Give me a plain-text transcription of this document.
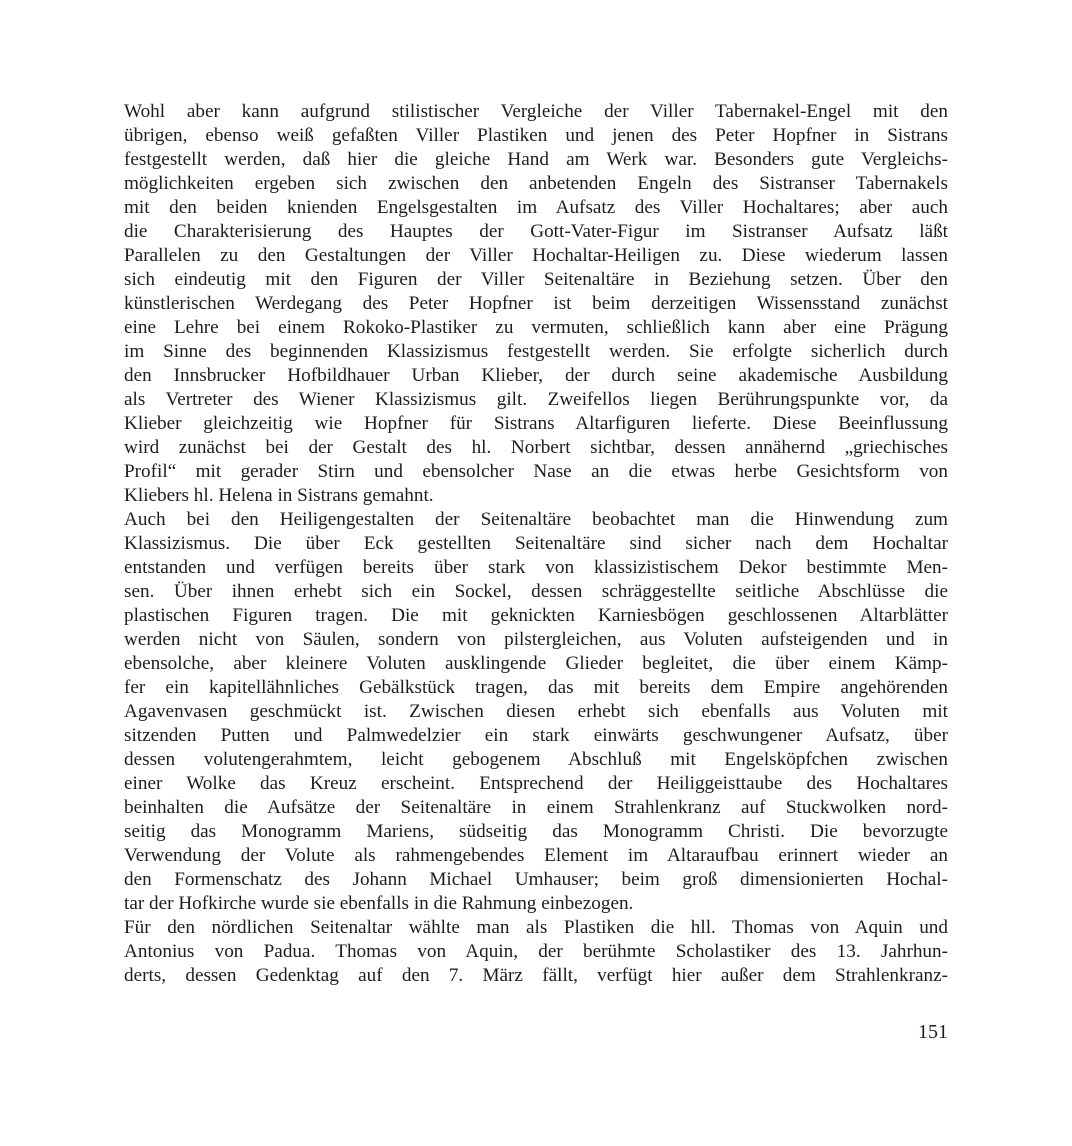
Wohl aber kann aufgrund stilistischer Vergleiche der Viller Tabernakel-Engel mit den
übrigen, ebenso weiß gefaßten Viller Plastiken und jenen des Peter Hopfner in Sistrans
festgestellt werden, daß hier die gleiche Hand am Werk war. Besonders gute Vergleichs-
möglichkeiten ergeben sich zwischen den anbetenden Engeln des Sistranser Tabernakels
mit den beiden knienden Engelsgestalten im Aufsatz des Viller Hochaltares; aber auch
die Charakterisierung des Hauptes der Gott-Vater-Figur im Sistranser Aufsatz läßt
Parallelen zu den Gestaltungen der Viller Hochaltar-Heiligen zu. Diese wiederum lassen
sich eindeutig mit den Figuren der Viller Seitenaltäre in Beziehung setzen. Über den
künstlerischen Werdegang des Peter Hopfner ist beim derzeitigen Wissensstand zunächst
eine Lehre bei einem Rokoko-Plastiker zu vermuten, schließlich kann aber eine Prägung
im Sinne des beginnenden Klassizismus festgestellt werden. Sie erfolgte sicherlich durch
den Innsbrucker Hofbildhauer Urban Klieber, der durch seine akademische Ausbildung
als Vertreter des Wiener Klassizismus gilt. Zweifellos liegen Berührungspunkte vor, da
Klieber gleichzeitig wie Hopfner für Sistrans Altarfiguren lieferte. Diese Beeinflussung
wird zunächst bei der Gestalt des hl. Norbert sichtbar, dessen annähernd „griechisches
Profil“ mit gerader Stirn und ebensolcher Nase an die etwas herbe Gesichtsform von
Kliebers hl. Helena in Sistrans gemahnt.
Auch bei den Heiligengestalten der Seitenaltäre beobachtet man die Hinwendung zum
Klassizismus. Die über Eck gestellten Seitenaltäre sind sicher nach dem Hochaltar
entstanden und verfügen bereits über stark von klassizistischem Dekor bestimmte Men-
sen. Über ihnen erhebt sich ein Sockel, dessen schräggestellte seitliche Abschlüsse die
plastischen Figuren tragen. Die mit geknickten Karniesbögen geschlossenen Altarblätter
werden nicht von Säulen, sondern von pilstergleichen, aus Voluten aufsteigenden und in
ebensolche, aber kleinere Voluten ausklingende Glieder begleitet, die über einem Kämp-
fer ein kapitellähnliches Gebälkstück tragen, das mit bereits dem Empire angehörenden
Agavenvasen geschmückt ist. Zwischen diesen erhebt sich ebenfalls aus Voluten mit
sitzenden Putten und Palmwedelzier ein stark einwärts geschwungener Aufsatz, über
dessen volutengerahmtem, leicht gebogenem Abschluß mit Engelsköpfchen zwischen
einer Wolke das Kreuz erscheint. Entsprechend der Heiliggeisttaube des Hochaltares
beinhalten die Aufsätze der Seitenaltäre in einem Strahlenkranz auf Stuckwolken nord-
seitig das Monogramm Mariens, südseitig das Monogramm Christi. Die bevorzugte
Verwendung der Volute als rahmengebendes Element im Altaraufbau erinnert wieder an
den Formenschatz des Johann Michael Umhauser; beim groß dimensionierten Hochal-
tar der Hofkirche wurde sie ebenfalls in die Rahmung einbezogen.
Für den nördlichen Seitenaltar wählte man als Plastiken die hll. Thomas von Aquin und
Antonius von Padua. Thomas von Aquin, der berühmte Scholastiker des 13. Jahrhun-
derts, dessen Gedenktag auf den 7. März fällt, verfügt hier außer dem Strahlenkranz-
151
